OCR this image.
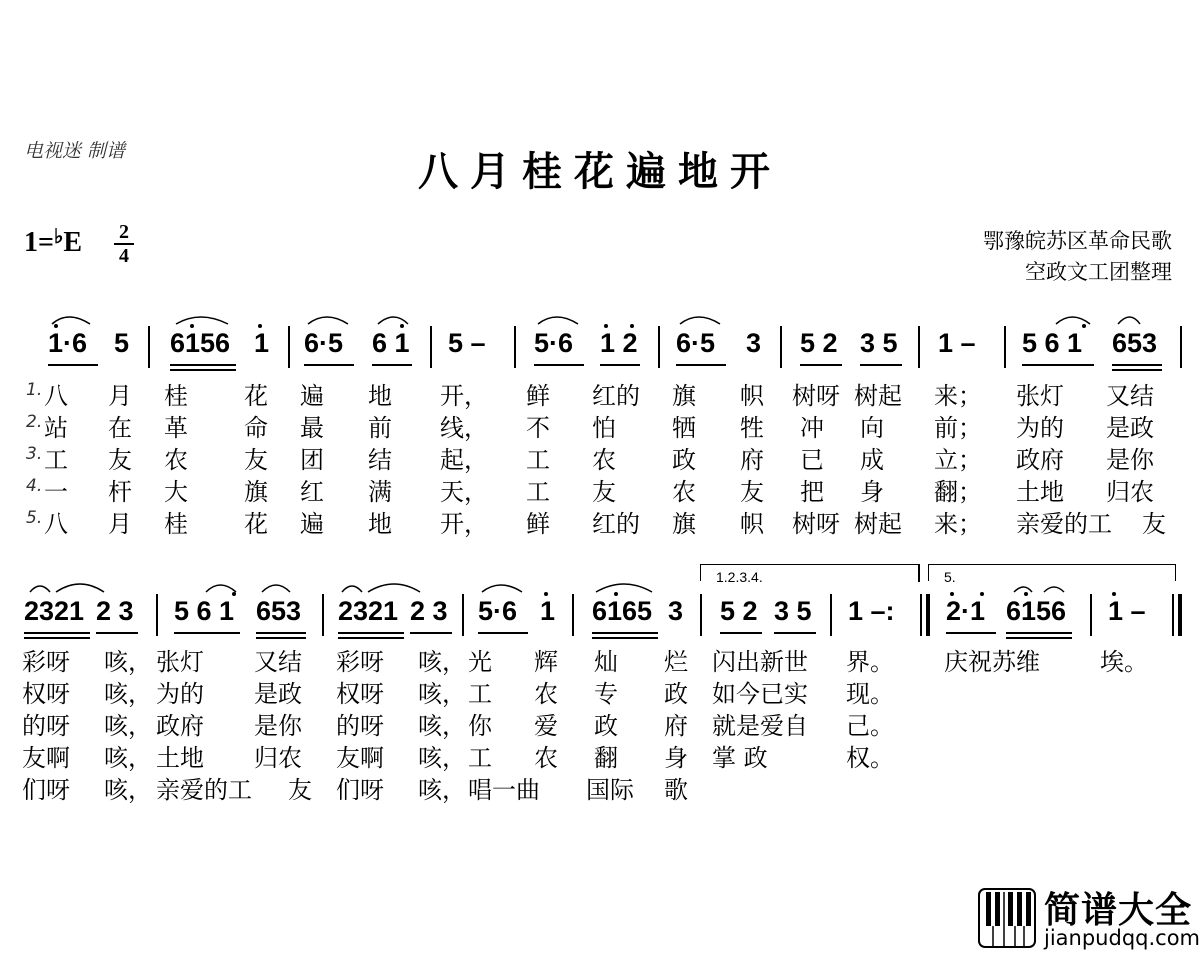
电视迷 制谱	八月桂花遍地开
1=♭E 2
4
鄂豫皖苏区革命民歌
空政文工团整理
1·6 5 6156 1 6·5 6 1 5 – 5·6 1 2 6·5 3 5 2 3 5 1 – 5 6 1 653
1. 八 月 桂 花 遍 地 开， 鲜 红的 旗 帜 树呀 树起 来； 张灯 又结
2. 站 在 革 命 最 前 线， 不 怕 牺 牲 冲 向 前； 为的 是政
3. 工 友 农 友 团 结 起， 工 农 政 府 已 成 立； 政府 是你
4. 一 杆 大 旗 红 满 天， 工 友 农 友 把 身 翻； 土地 归农
5. 八 月 桂 花 遍 地 开， 鲜 红的 旗 帜 树呀 树起 来； 亲爱的工 友
1.2.3.4.	5.
2321 2 3 5 6 1 653 2321 2 3 5·6 1 6165 3 5 2 3 5 1 –: 2·1 6156 1 –
彩呀 咳， 张灯 又结 彩呀 咳， 光 辉 灿 烂 闪出新世 界。 庆祝苏维	埃。
权呀 咳， 为的 是政 权呀 咳， 工 农 专 政 如今已实 现。
的呀 咳， 政府 是你 的呀 咳， 你 爱 政 府 就是爱自 己。
友啊 咳， 土地 归农 友啊 咳， 工 农 翻 身 掌 政	权。
们呀 咳， 亲爱的工 友 们呀 咳， 唱一曲 国际 歌
简谱大全
jianpudqq.com
